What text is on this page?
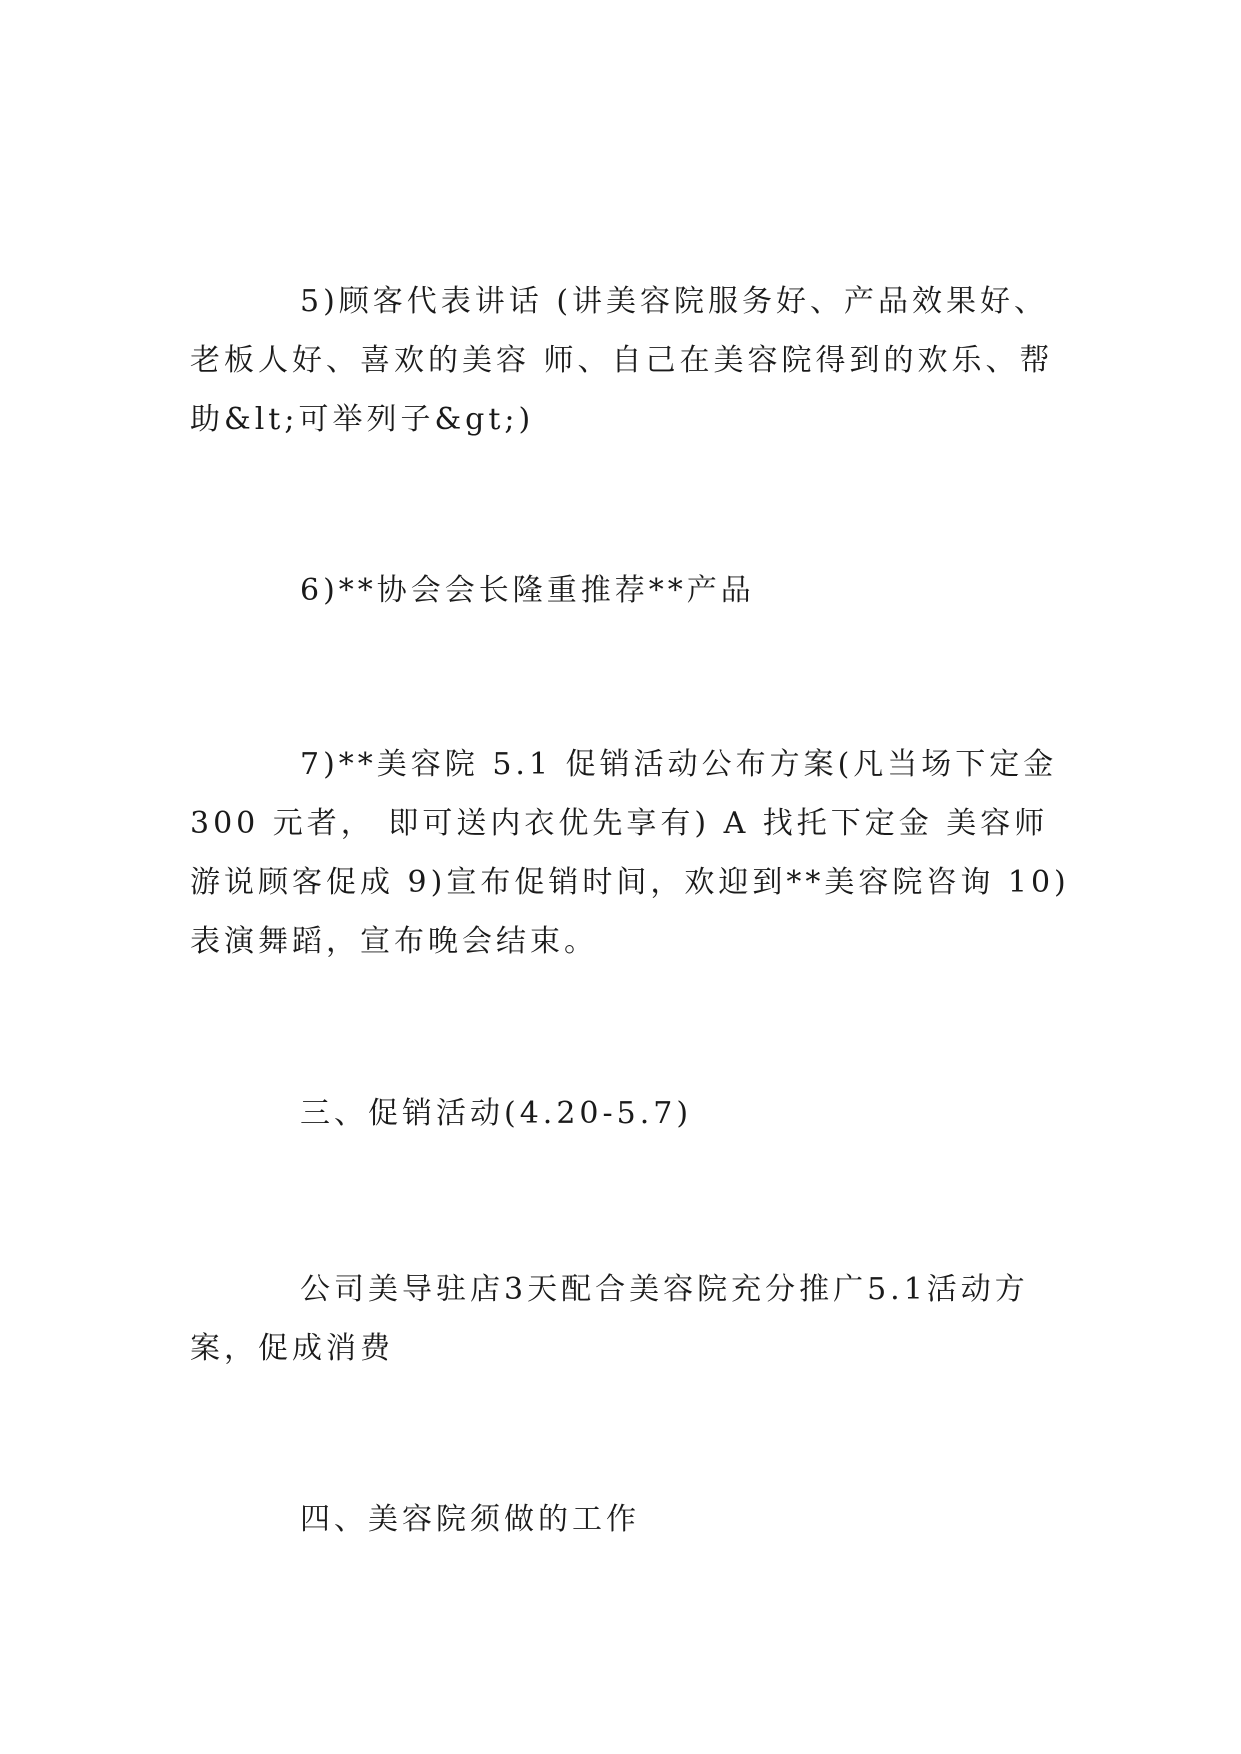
5)顾客代表讲话 (讲美容院服务好、产品效果好、老板人好、喜欢的美容 师、自己在美容院得到的欢乐、帮助&lt;可举列子&gt;)

6)**协会会长隆重推荐**产品

7)**美容院 5.1 促销活动公布方案(凡当场下定金 300 元者， 即可送内衣优先享有) A 找托下定金 美容师游说顾客促成 9)宣布促销时间，欢迎到**美容院咨询 10)表演舞蹈，宣布晚会结束。

三、促销活动(4.20-5.7)

公司美导驻店3天配合美容院充分推广5.1活动方案，促成消费

四、美容院须做的工作
